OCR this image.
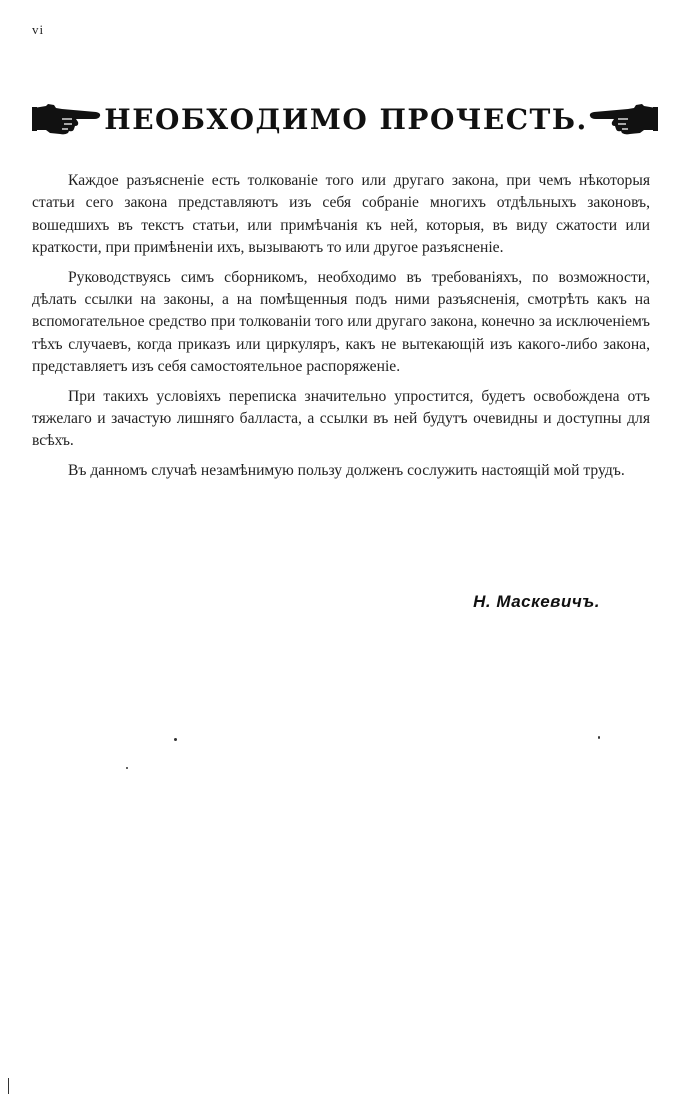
vi
НЕОБХОДИМО ПРОЧЕСТЬ.

Каждое разъясненіе есть толкованіе того или другаго закона, при чемъ нѣкоторыя статьи сего закона представляютъ изъ себя собраніе многихъ отдѣльныхъ законовъ, вошедшихъ въ текстъ статьи, или примѣчанія къ ней, которыя, въ виду сжатости или краткости, при примѣненіи ихъ, вызываютъ то или другое разъясненіе.

Руководствуясь симъ сборникомъ, необходимо въ требованіяхъ, по возможности, дѣлать ссылки на законы, а на помѣщенныя подъ ними разъясненія, смотрѣть какъ на вспомогательное средство при толкованіи того или другаго закона, конечно за исключеніемъ тѣхъ случаевъ, когда приказъ или циркуляръ, какъ не вытекающій изъ какого-либо закона, представляетъ изъ себя самостоятельное распоряженіе.

При такихъ условіяхъ переписка значительно упростится, будетъ освобождена отъ тяжелаго и зачастую лишняго балласта, а ссылки въ ней будутъ очевидны и доступны для всѣхъ.

Въ данномъ случаѣ незамѣнимую пользу долженъ сослужить настоящій мой трудъ.

Н. Маскевичъ.
